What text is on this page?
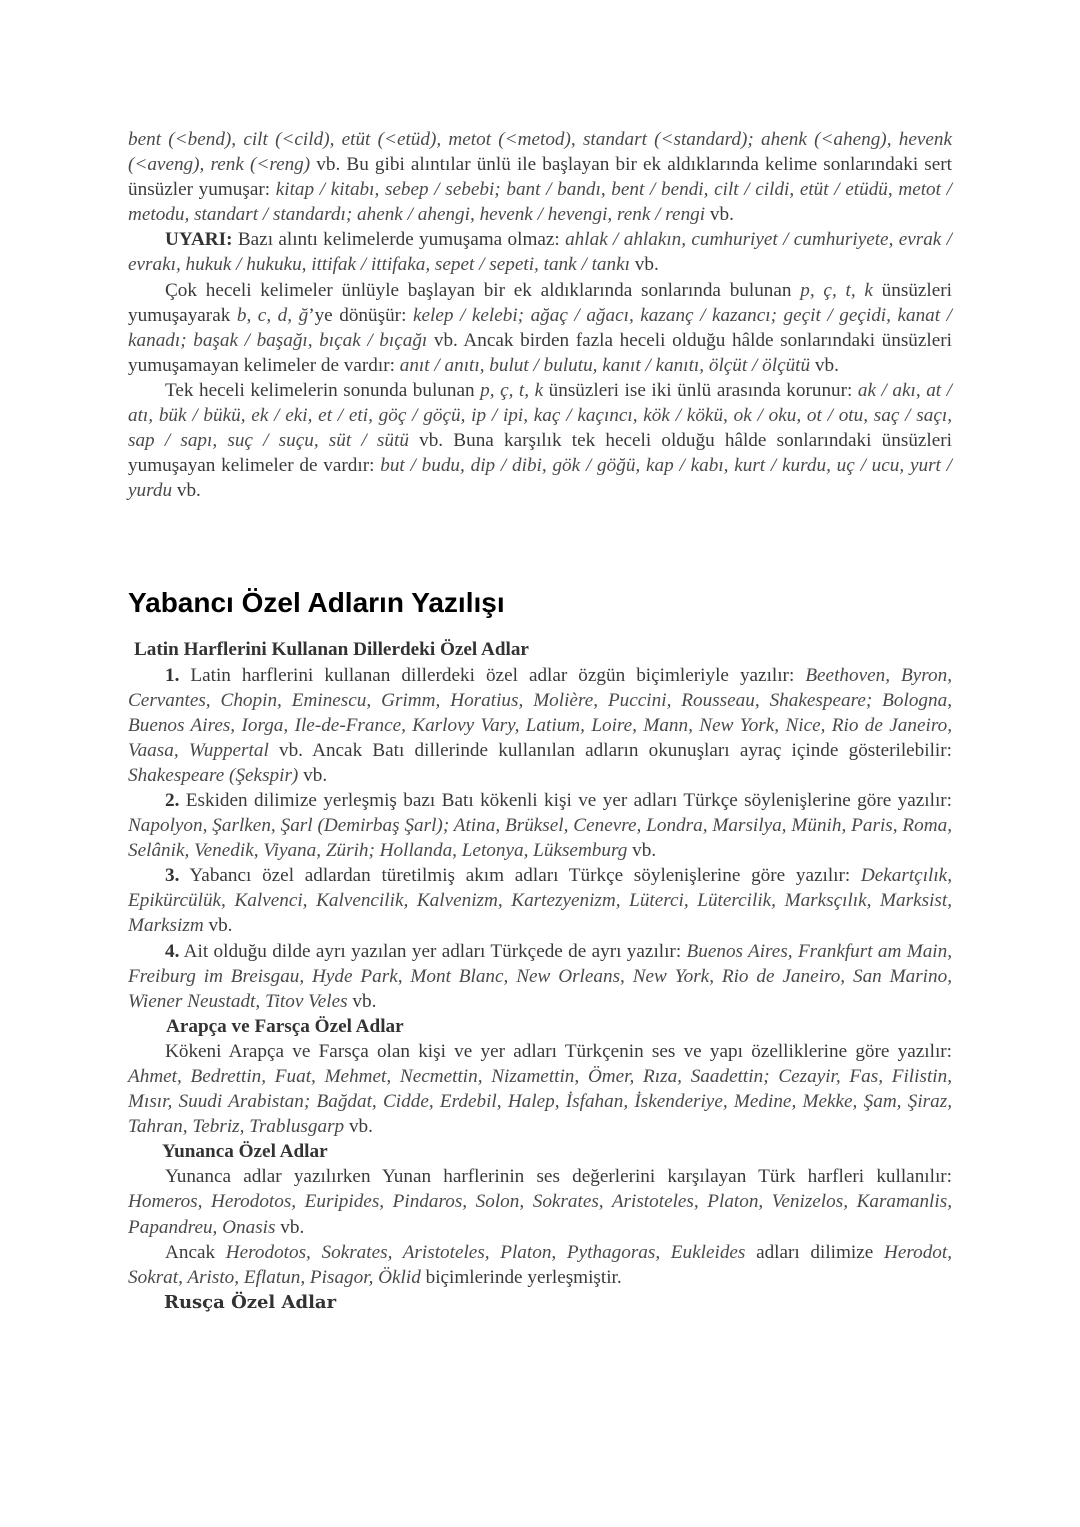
bent (<bend), cilt (<cild), etüt (<etüd), metot (<metod), standart (<standard); ahenk (<aheng), hevenk (<aveng), renk (<reng) vb. Bu gibi alıntılar ünlü ile başlayan bir ek aldıklarında kelime sonlarındaki sert ünsüzler yumuşar: kitap / kitabı, sebep / sebebi; bant / bandı, bent / bendi, cilt / cildi, etüt / etüdü, metot / metodu, standart / standardı; ahenk / ahengi, hevenk / hevengi, renk / rengi vb.

UYARI: Bazı alıntı kelimelerde yumuşama olmaz: ahlak / ahlakın, cumhuriyet / cumhuriyete, evrak / evrakı, hukuk / hukuku, ittifak / ittifaka, sepet / sepeti, tank / tankı vb.

Çok heceli kelimeler ünlüyle başlayan bir ek aldıklarında sonlarında bulunan p, ç, t, k ünsüzleri yumuşayarak b, c, d, ğ’ye dönüşür: kelep / kelebi; ağaç / ağacı, kazanç / kazancı; geçit / geçidi, kanat / kanadı; başak / başağı, bıçak / bıçağı vb. Ancak birden fazla heceli olduğu hâlde sonlarındaki ünsüzleri yumuşamayan kelimeler de vardır: anıt / anıtı, bulut / bulutu, kanıt / kanıtı, ölçüt / ölçütü vb.

Tek heceli kelimelerin sonunda bulunan p, ç, t, k ünsüzleri ise iki ünlü arasında korunur: ak / akı, at / atı, bük / bükü, ek / eki, et / eti, göç / göçü, ip / ipi, kaç / kaçıncı, kök / kökü, ok / oku, ot / otu, saç / saçı, sap / sapı, suç / suçu, süt / sütü vb. Buna karşılık tek heceli olduğu hâlde sonlarındaki ünsüzleri yumuşayan kelimeler de vardır: but / budu, dip / dibi, gök / göğü, kap / kabı, kurt / kurdu, uç / ucu, yurt / yurdu vb.

Yabancı Özel Adların Yazılışı

Latin Harflerini Kullanan Dillerdeki Özel Adlar

1. Latin harflerini kullanan dillerdeki özel adlar özgün biçimleriyle yazılır: Beethoven, Byron, Cervantes, Chopin, Eminescu, Grimm, Horatius, Molière, Puccini, Rousseau, Shakespeare; Bologna, Buenos Aires, Iorga, Ile-de-France, Karlovy Vary, Latium, Loire, Mann, New York, Nice, Rio de Janeiro, Vaasa, Wuppertal vb. Ancak Batı dillerinde kullanılan adların okunuşları ayraç içinde gösterilebilir: Shakespeare (Şekspir) vb.

2. Eskiden dilimize yerleşmiş bazı Batı kökenli kişi ve yer adları Türkçe söylenişlerine göre yazılır: Napolyon, Şarlken, Şarl (Demirbaş Şarl); Atina, Brüksel, Cenevre, Londra, Marsilya, Münih, Paris, Roma, Selânik, Venedik, Viyana, Zürih; Hollanda, Letonya, Lüksemburg vb.

3. Yabancı özel adlardan türetilmiş akım adları Türkçe söylenişlerine göre yazılır: Dekartçılık, Epikürcülük, Kalvenci, Kalvencilik, Kalvenizm, Kartezyenizm, Lüterci, Lütercilik, Marksçılık, Marksist, Marksizm vb.

4. Ait olduğu dilde ayrı yazılan yer adları Türkçede de ayrı yazılır: Buenos Aires, Frankfurt am Main, Freiburg im Breisgau, Hyde Park, Mont Blanc, New Orleans, New York, Rio de Janeiro, San Marino, Wiener Neustadt, Titov Veles vb.

Arapça ve Farsça Özel Adlar

Kökeni Arapça ve Farsça olan kişi ve yer adları Türkçenin ses ve yapı özelliklerine göre yazılır: Ahmet, Bedrettin, Fuat, Mehmet, Necmettin, Nizamettin, Ömer, Rıza, Saadettin; Cezayir, Fas, Filistin, Mısır, Suudi Arabistan; Bağdat, Cidde, Erdebil, Halep, İsfahan, İskenderiye, Medine, Mekke, Şam, Şiraz, Tahran, Tebriz, Trablusgarp vb.

Yunanca Özel Adlar

Yunanca adlar yazılırken Yunan harflerinin ses değerlerini karşılayan Türk harfleri kullanılır: Homeros, Herodotos, Euripides, Pindaros, Solon, Sokrates, Aristoteles, Platon, Venizelos, Karamanlis, Papandreu, Onasis vb.

Ancak Herodotos, Sokrates, Aristoteles, Platon, Pythagoras, Eukleides adları dilimize Herodot, Sokrat, Aristo, Eflatun, Pisagor, Öklid biçimlerinde yerleşmiştir.

Rusça Özel Adlar
